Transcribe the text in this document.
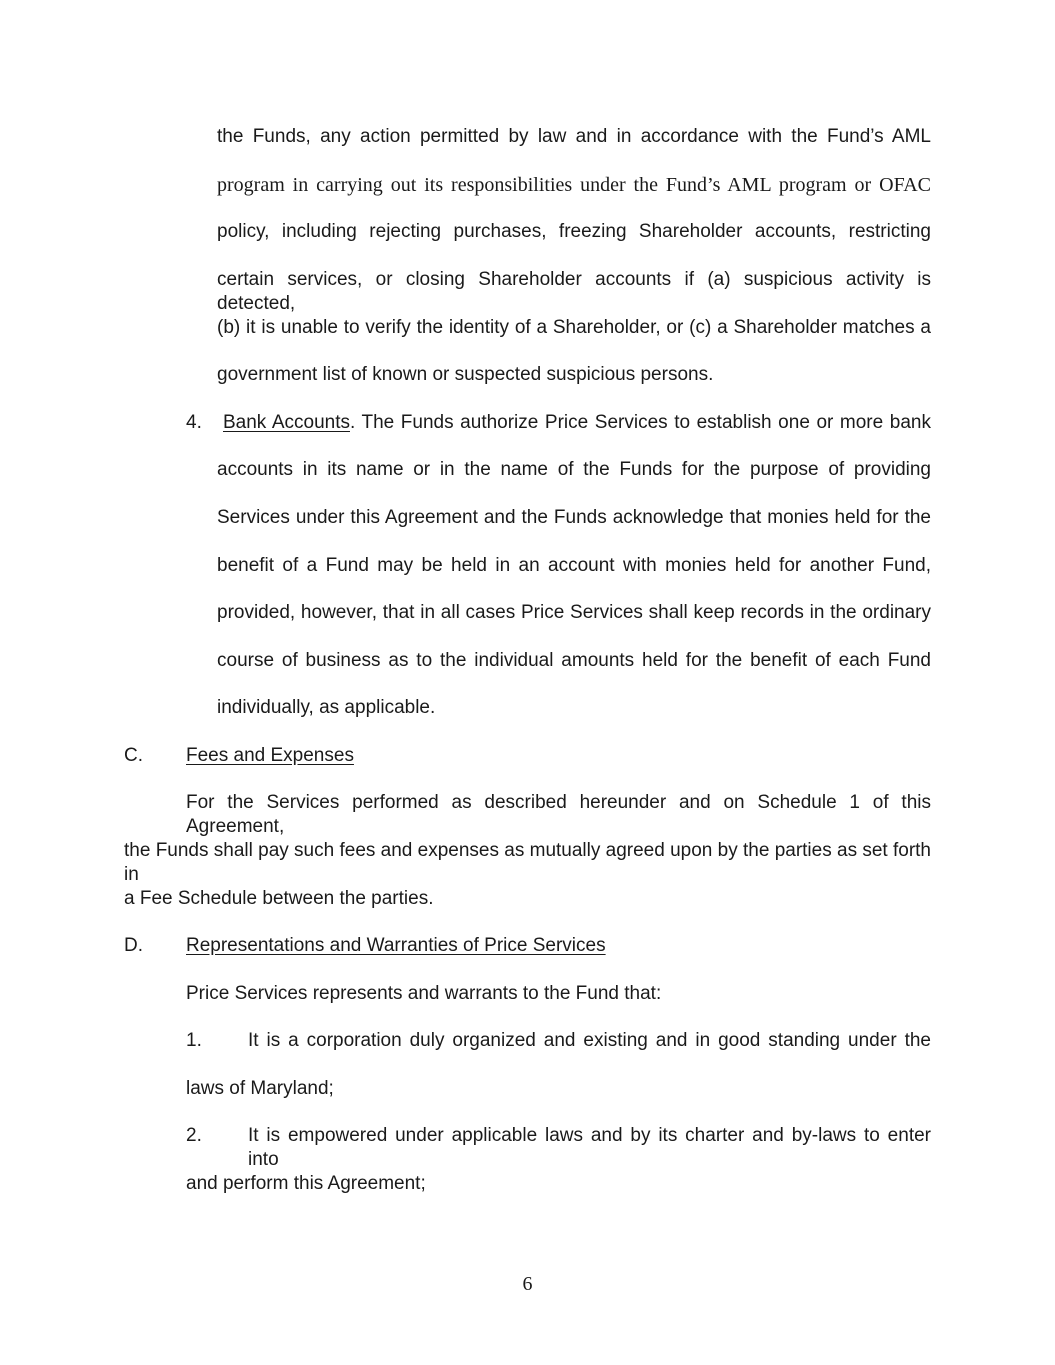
the Funds, any action permitted by law and in accordance with the Fund’s AML
program in carrying out its responsibilities under the Fund’s AML program or OFAC
policy, including rejecting purchases, freezing Shareholder accounts, restricting
certain services, or closing Shareholder accounts if (a) suspicious activity is detected,
(b) it is unable to verify the identity of a Shareholder, or (c) a Shareholder matches a
government list of known or suspected suspicious persons.
4. Bank Accounts. The Funds authorize Price Services to establish one or more bank
accounts in its name or in the name of the Funds for the purpose of providing
Services under this Agreement and the Funds acknowledge that monies held for the
benefit of a Fund may be held in an account with monies held for another Fund,
provided, however, that in all cases Price Services shall keep records in the ordinary
course of business as to the individual amounts held for the benefit of each Fund
individually, as applicable.
C. Fees and Expenses
For the Services performed as described hereunder and on Schedule 1 of this Agreement,
the Funds shall pay such fees and expenses as mutually agreed upon by the parties as set forth in
a Fee Schedule between the parties.
D. Representations and Warranties of Price Services
Price Services represents and warrants to the Fund that:
1. It is a corporation duly organized and existing and in good standing under the
laws of Maryland;
2. It is empowered under applicable laws and by its charter and by-laws to enter into
and perform this Agreement;
6
